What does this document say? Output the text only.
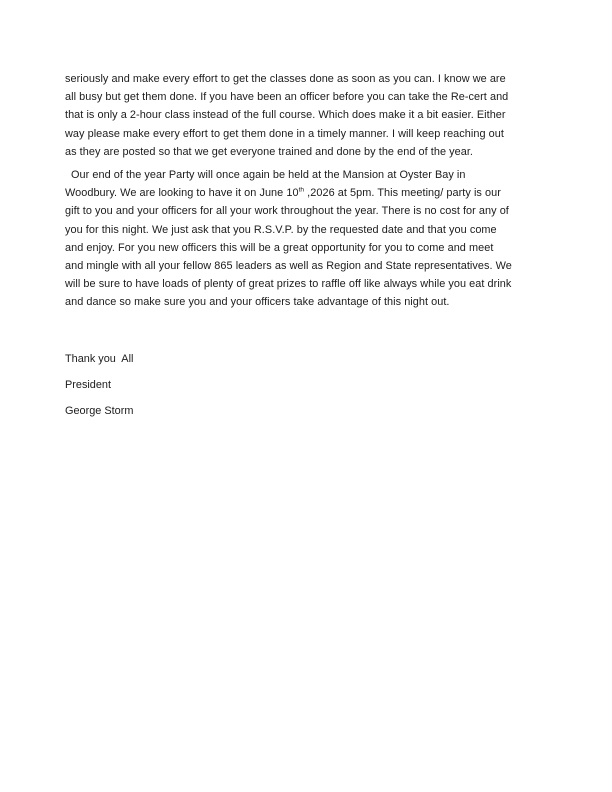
seriously and make every effort to get the classes done as soon as you can. I know we are
all busy but get them done. If you have been an officer before you can take the Re-cert and
that is only a 2-hour class instead of the full course. Which does make it a bit easier. Either
way please make every effort to get them done in a timely manner. I will keep reaching out
as they are posted so that we get everyone trained and done by the end of the year.

Our end of the year Party will once again be held at the Mansion at Oyster Bay in
Woodbury. We are looking to have it on June 10th ,2026 at 5pm. This meeting/ party is our
gift to you and your officers for all your work throughout the year. There is no cost for any of
you for this night. We just ask that you R.S.V.P. by the requested date and that you come
and enjoy. For you new officers this will be a great opportunity for you to come and meet
and mingle with all your fellow 865 leaders as well as Region and State representatives. We
will be sure to have loads of plenty of great prizes to raffle off like always while you eat drink
and dance so make sure you and your officers take advantage of this night out.

Thank you  All
President
George Storm
